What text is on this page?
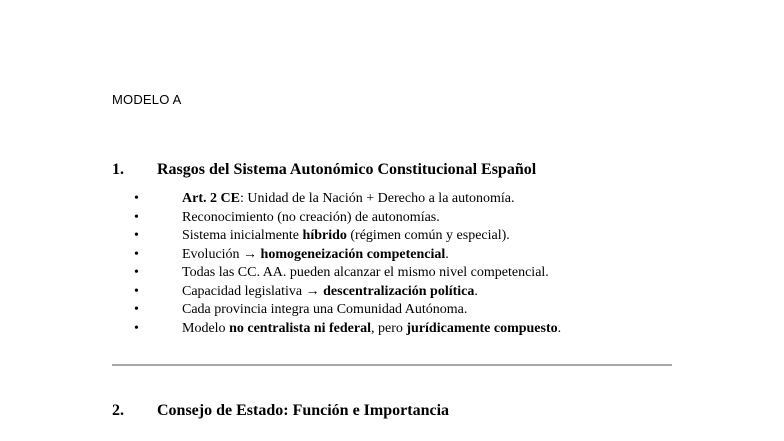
MODELO A
1.	Rasgos del Sistema Autonómico Constitucional Español
•	Art. 2 CE: Unidad de la Nación + Derecho a la autonomía.
•	Reconocimiento (no creación) de autonomías.
•	Sistema inicialmente híbrido (régimen común y especial).
•	Evolución → homogeneización competencial.
•	Todas las CC. AA. pueden alcanzar el mismo nivel competencial.
•	Capacidad legislativa → descentralización política.
•	Cada provincia integra una Comunidad Autónoma.
•	Modelo no centralista ni federal, pero jurídicamente compuesto.
2.	Consejo de Estado: Función e Importancia
